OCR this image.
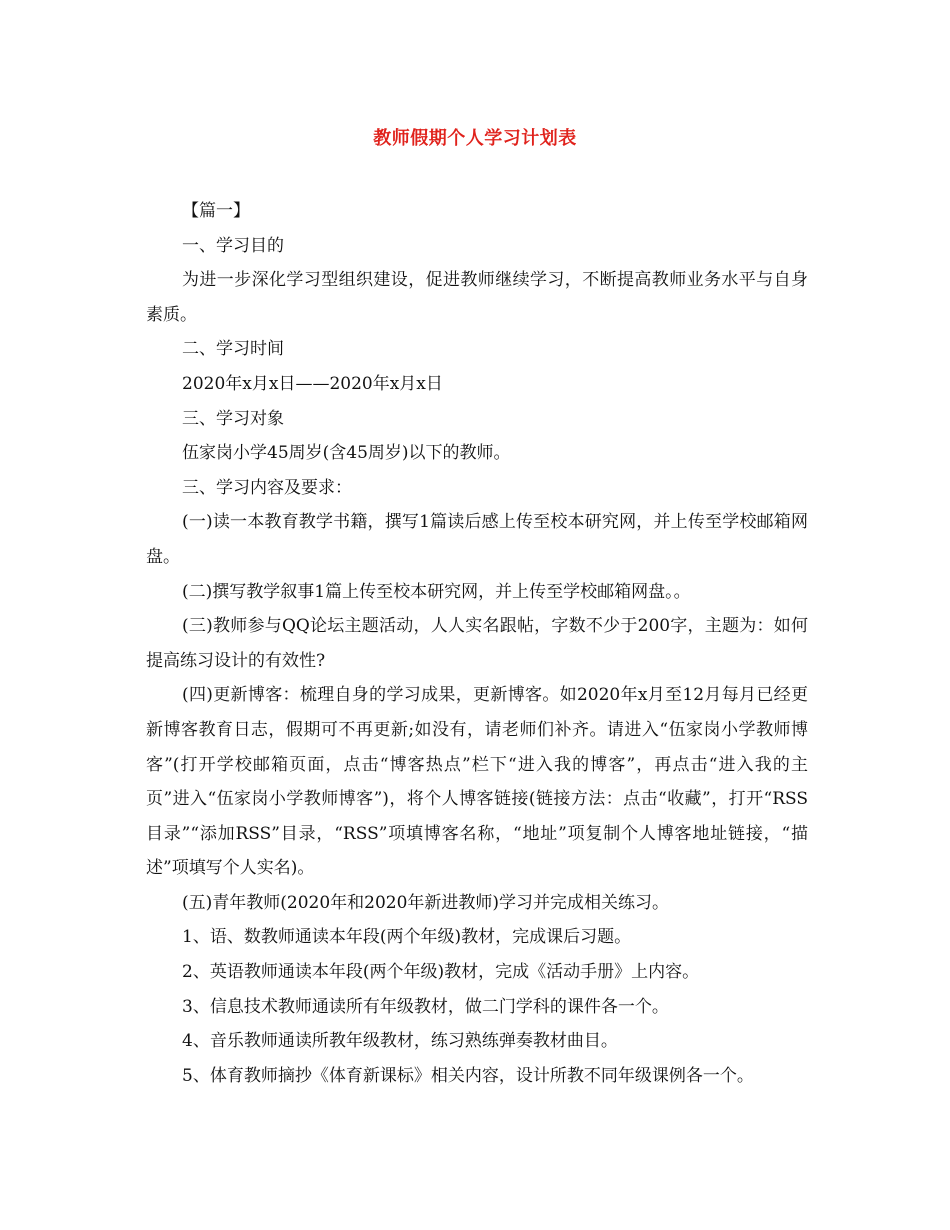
教师假期个人学习计划表

【篇一】

一、学习目的

为进一步深化学习型组织建设，促进教师继续学习，不断提高教师业务水平与自身素质。

二、学习时间

2020年x月x日——2020年x月x日

三、学习对象

伍家岗小学45周岁(含45周岁)以下的教师。

三、学习内容及要求：

(一)读一本教育教学书籍，撰写1篇读后感上传至校本研究网，并上传至学校邮箱网盘。

(二)撰写教学叙事1篇上传至校本研究网，并上传至学校邮箱网盘。。

(三)教师参与QQ论坛主题活动，人人实名跟帖，字数不少于200字，主题为：如何提高练习设计的有效性?

(四)更新博客：梳理自身的学习成果，更新博客。如2020年x月至12月每月已经更新博客教育日志，假期可不再更新;如没有，请老师们补齐。请进入“伍家岗小学教师博客”(打开学校邮箱页面，点击“博客热点”栏下“进入我的博客”，再点击“进入我的主页”进入“伍家岗小学教师博客”)，将个人博客链接(链接方法：点击“收藏”，打开“RSS目录”“添加RSS”目录，“RSS”项填博客名称，“地址”项复制个人博客地址链接，“描述”项填写个人实名)。

(五)青年教师(2020年和2020年新进教师)学习并完成相关练习。

1、语、数教师通读本年段(两个年级)教材，完成课后习题。

2、英语教师通读本年段(两个年级)教材，完成《活动手册》上内容。

3、信息技术教师通读所有年级教材，做二门学科的课件各一个。

4、音乐教师通读所教年级教材，练习熟练弹奏教材曲目。

5、体育教师摘抄《体育新课标》相关内容，设计所教不同年级课例各一个。
